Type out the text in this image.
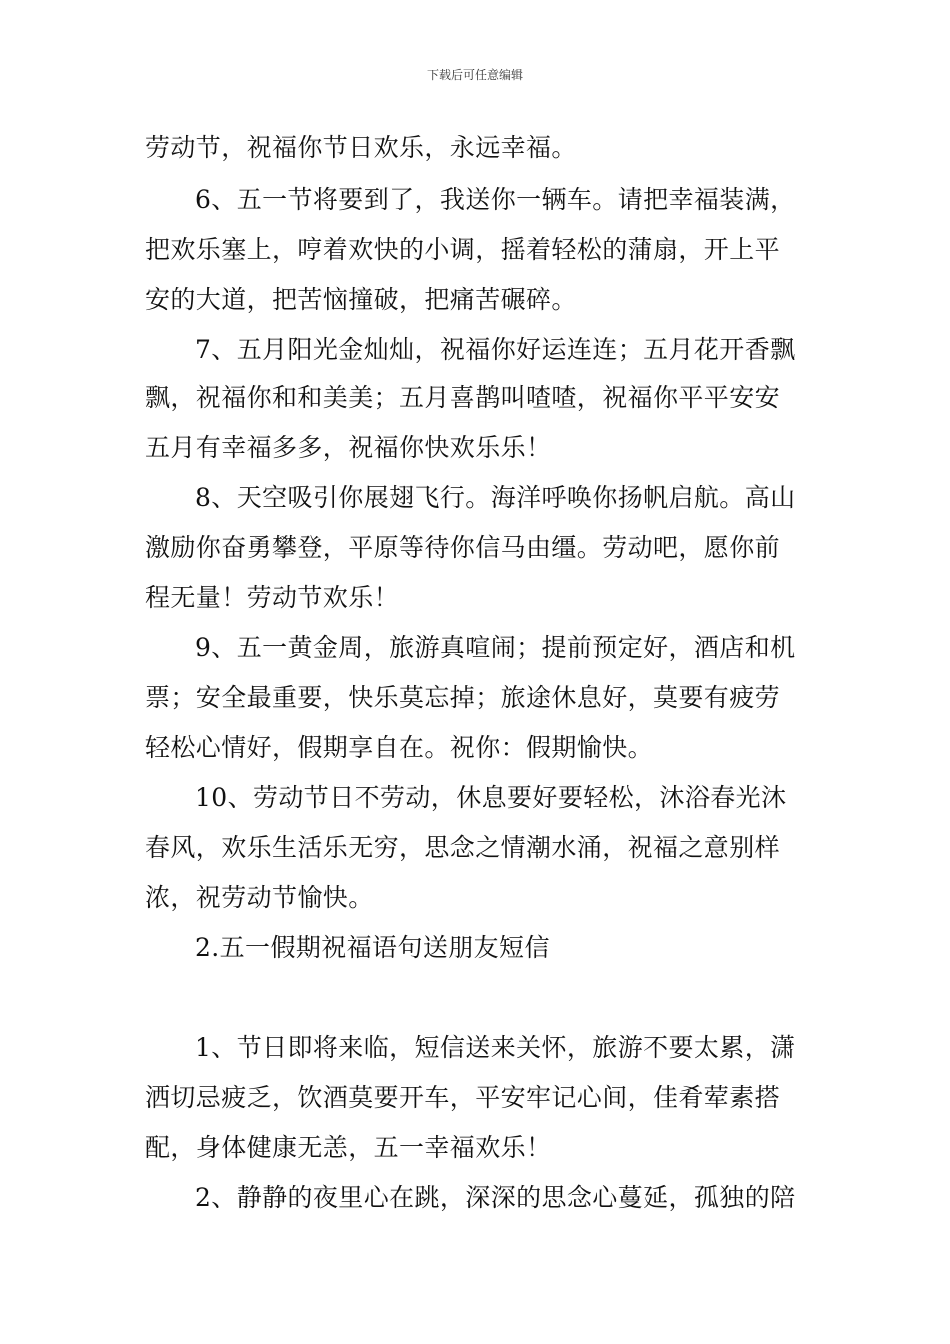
下载后可任意编辑
劳动节，祝福你节日欢乐，永远幸福。
6、五一节将要到了，我送你一辆车。请把幸福装满，
把欢乐塞上，哼着欢快的小调，摇着轻松的蒲扇，开上平
安的大道，把苦恼撞破，把痛苦碾碎。
7、五月阳光金灿灿，祝福你好运连连；五月花开香飘
飘，祝福你和和美美；五月喜鹊叫喳喳，祝福你平平安安
五月有幸福多多，祝福你快欢乐乐！
8、天空吸引你展翅飞行。海洋呼唤你扬帆启航。高山
激励你奋勇攀登，平原等待你信马由缰。劳动吧，愿你前
程无量！劳动节欢乐！
9、五一黄金周，旅游真喧闹；提前预定好，酒店和机
票；安全最重要，快乐莫忘掉；旅途休息好，莫要有疲劳
轻松心情好，假期享自在。祝你：假期愉快。
10、劳动节日不劳动，休息要好要轻松，沐浴春光沐
春风，欢乐生活乐无穷，思念之情潮水涌，祝福之意别样
浓，祝劳动节愉快。
2.五一假期祝福语句送朋友短信
1、节日即将来临，短信送来关怀，旅游不要太累，潇
洒切忌疲乏，饮酒莫要开车，平安牢记心间，佳肴荤素搭
配，身体健康无恙，五一幸福欢乐！
2、静静的夜里心在跳，深深的思念心蔓延，孤独的陪
